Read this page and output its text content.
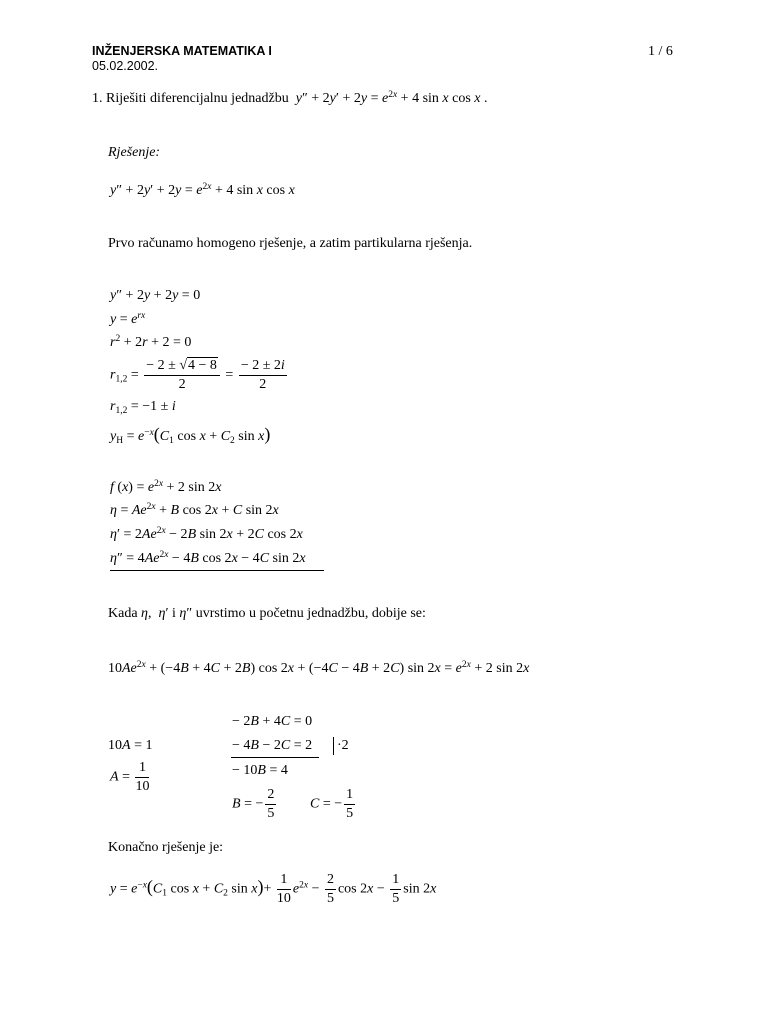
INŽENJERSKA MATEMATIKA I
05.02.2002.
1 / 6
1. Riješiti diferencijalnu jednadžbu $y'' + 2y' + 2y = e^{2x} + 4$ sin x cos x .
Rješenje:
$y'' + 2y' + 2y = e^{2x} + 4$ sin x cos x
Prvo računamo homogeno rješenje, a zatim partikularna rješenja.
y″ + 2y + 2y = 0
$y = e^{rx}$
$r^2 + 2r + 2 = 0$
$r_{1,2} = \frac{- 2 \pm √4 - 8}{2} = \frac{- 2 \pm 2i}{2}$
$r_{1,2} = -1 \pm i$
$y_H = e^{-x}(C_1$ $\cos x + C_2$ sin x)
f $(x) = e^{2x} + 2$ sin 2x
$\eta = Ae^{2x} + B$ cos 2x + C sin 2x
$\eta' = 2Ae^{2x} - 2B$ sin 2x + 2C cos 2x
$\eta'' = 4Ae^{2x} - 4B$ cos 2x − 4C sin 2x
Kada η,  η′ i η″ uvrstimo u početnu jednadžbu, dobije se:
$10Ae^{2x} + (-4B + 4C + 2B)$ cos 2x + (−4C − 4B + 2C) $\sin 2x = e^{2x} + 2$ sin 2x
− 2B + 4C = 0
10A = 1	− 4B − 2C = 2 ·2
$A = \frac{1}{10}$	− 10B = 4
B = − $\frac{2}{5}$ C = − $\frac{1}{5}$
Konačno rješenje je:
$y = e^{-x}(C_1$ $\cos x + C_2$ $\sin x)+ \frac{1}{10} e^{2x} - \frac{2}{5}$ $\cos 2x - \frac{1}{5}$ sin 2x
